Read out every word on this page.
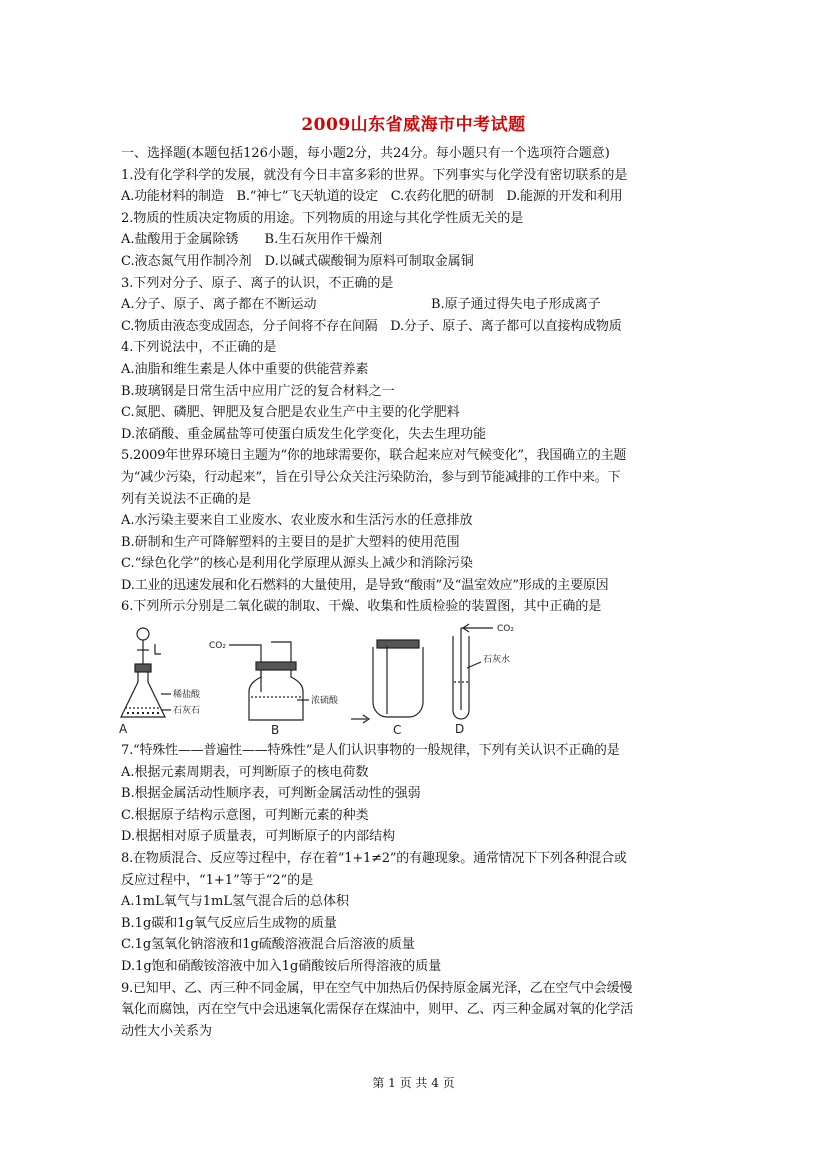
2009山东省威海市中考试题
一、选择题(本题包括126小题，每小题2分，共24分。每小题只有一个选项符合题意)
1.没有化学科学的发展，就没有今日丰富多彩的世界。下列事实与化学没有密切联系的是
A.功能材料的制造　B.“神七”飞天轨道的设定　C.农药化肥的研制　D.能源的开发和利用
2.物质的性质决定物质的用途。下列物质的用途与其化学性质无关的是
A.盐酸用于金属除锈　　B.生石灰用作干燥剂
C.液态氮气用作制冷剂　D.以碱式碳酸铜为原料可制取金属铜
3.下列对分子、原子、离子的认识，不正确的是
A.分子、原子、离子都在不断运动	B.原子通过得失电子形成离子
C.物质由液态变成固态，分子间将不存在间隔　D.分子、原子、离子都可以直接构成物质
4.下列说法中，不正确的是
A.油脂和维生素是人体中重要的供能营养素
B.玻璃钢是日常生活中应用广泛的复合材料之一
C.氮肥、磷肥、钾肥及复合肥是农业生产中主要的化学肥料
D.浓硝酸、重金属盐等可使蛋白质发生化学变化，失去生理功能
5.2009年世界环境日主题为“你的地球需要你，联合起来应对气候变化”，我国确立的主题
为“减少污染，行动起来”，旨在引导公众关注污染防治，参与到节能减排的工作中来。下
列有关说法不正确的是
A.水污染主要来自工业废水、农业废水和生活污水的任意排放
B.研制和生产可降解塑料的主要目的是扩大塑料的使用范围
C.“绿色化学”的核心是利用化学原理从源头上减少和消除污染
D.工业的迅速发展和化石燃料的大量使用，是导致“酸雨”及“温室效应”形成的主要原因
6.下列所示分别是二氧化碳的制取、干燥、收集和性质检验的装置图，其中正确的是
稀盐酸
石灰石
A
CO₂
浓硫酸
B	C
CO₂
石灰水
D
7.“特殊性——普遍性——特殊性”是人们认识事物的一般规律，下列有关认识不正确的是
A.根据元素周期表，可判断原子的核电荷数
B.根据金属活动性顺序表，可判断金属活动性的强弱
C.根据原子结构示意图，可判断元素的种类
D.根据相对原子质量表，可判断原子的内部结构
8.在物质混合、反应等过程中，存在着“1+1≠2”的有趣现象。通常情况下下列各种混合或
反应过程中，“1+1”等于“2”的是
A.1mL氧气与1mL氢气混合后的总体积
B.1g碳和1g氧气反应后生成物的质量
C.1g氢氧化钠溶液和1g硫酸溶液混合后溶液的质量
D.1g饱和硝酸铵溶液中加入1g硝酸铵后所得溶液的质量
9.已知甲、乙、丙三种不同金属，甲在空气中加热后仍保持原金属光泽，乙在空气中会缓慢
氧化而腐蚀，丙在空气中会迅速氧化需保存在煤油中，则甲、乙、丙三种金属对氧的化学活
动性大小关系为
第 1 页 共 4 页
